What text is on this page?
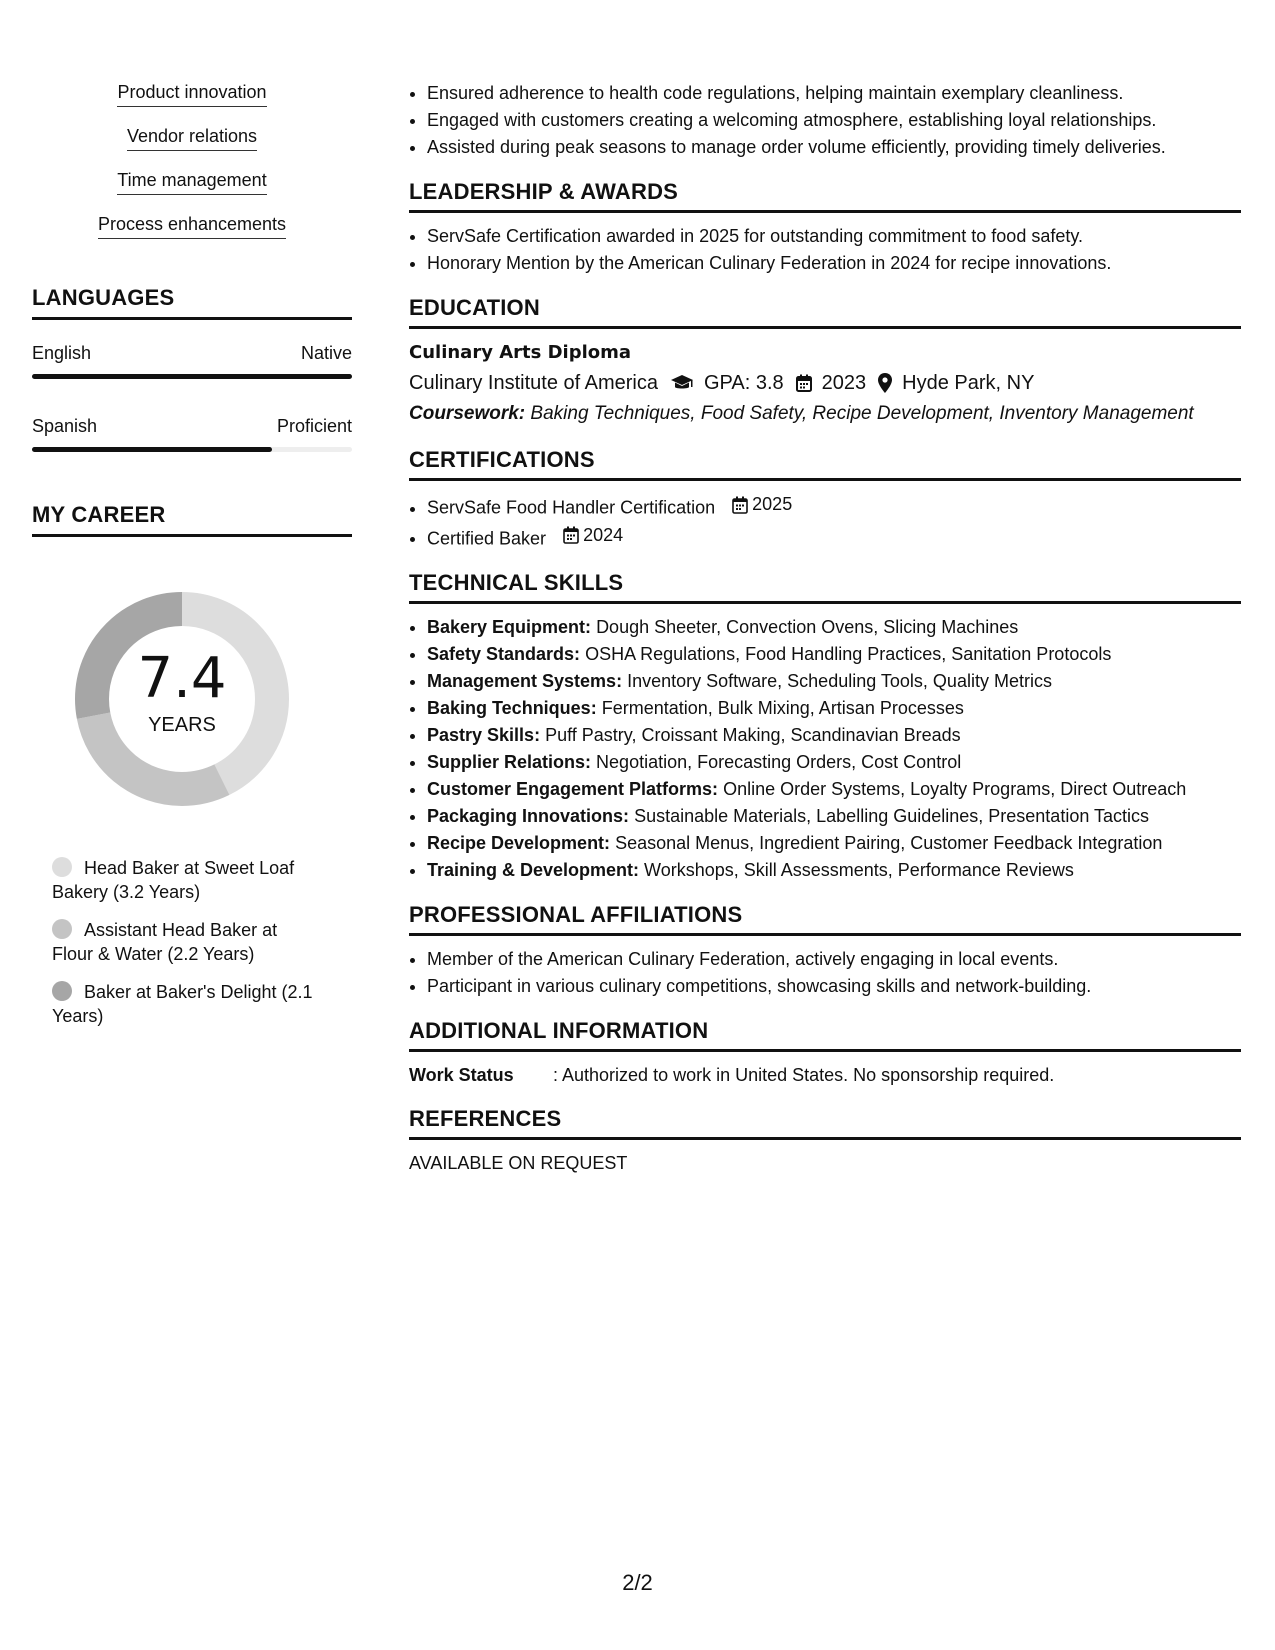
Product innovation
Vendor relations
Time management
Process enhancements
LANGUAGES
English	Native
Spanish	Proficient
MY CAREER
7.4
YEARS
Head Baker at Sweet Loaf Bakery (3.2 Years)
Assistant Head Baker at Flour & Water (2.2 Years)
Baker at Baker's Delight (2.1 Years)
• Ensured adherence to health code regulations, helping maintain exemplary cleanliness.
• Engaged with customers creating a welcoming atmosphere, establishing loyal relationships.
• Assisted during peak seasons to manage order volume efficiently, providing timely deliveries.
LEADERSHIP & AWARDS
• ServSafe Certification awarded in 2025 for outstanding commitment to food safety.
• Honorary Mention by the American Culinary Federation in 2024 for recipe innovations.
EDUCATION
Culinary Arts Diploma
Culinary Institute of America GPA: 3.8 2023 Hyde Park, NY
Coursework: Baking Techniques, Food Safety, Recipe Development, Inventory Management
CERTIFICATIONS
• ServSafe Food Handler Certification 2025
• Certified Baker 2024
TECHNICAL SKILLS
• Bakery Equipment: Dough Sheeter, Convection Ovens, Slicing Machines
• Safety Standards: OSHA Regulations, Food Handling Practices, Sanitation Protocols
• Management Systems: Inventory Software, Scheduling Tools, Quality Metrics
• Baking Techniques: Fermentation, Bulk Mixing, Artisan Processes
• Pastry Skills: Puff Pastry, Croissant Making, Scandinavian Breads
• Supplier Relations: Negotiation, Forecasting Orders, Cost Control
• Customer Engagement Platforms: Online Order Systems, Loyalty Programs, Direct Outreach
• Packaging Innovations: Sustainable Materials, Labelling Guidelines, Presentation Tactics
• Recipe Development: Seasonal Menus, Ingredient Pairing, Customer Feedback Integration
• Training & Development: Workshops, Skill Assessments, Performance Reviews
PROFESSIONAL AFFILIATIONS
• Member of the American Culinary Federation, actively engaging in local events.
• Participant in various culinary competitions, showcasing skills and network-building.
ADDITIONAL INFORMATION
Work Status	: Authorized to work in United States. No sponsorship required.
REFERENCES
AVAILABLE ON REQUEST
2/2
